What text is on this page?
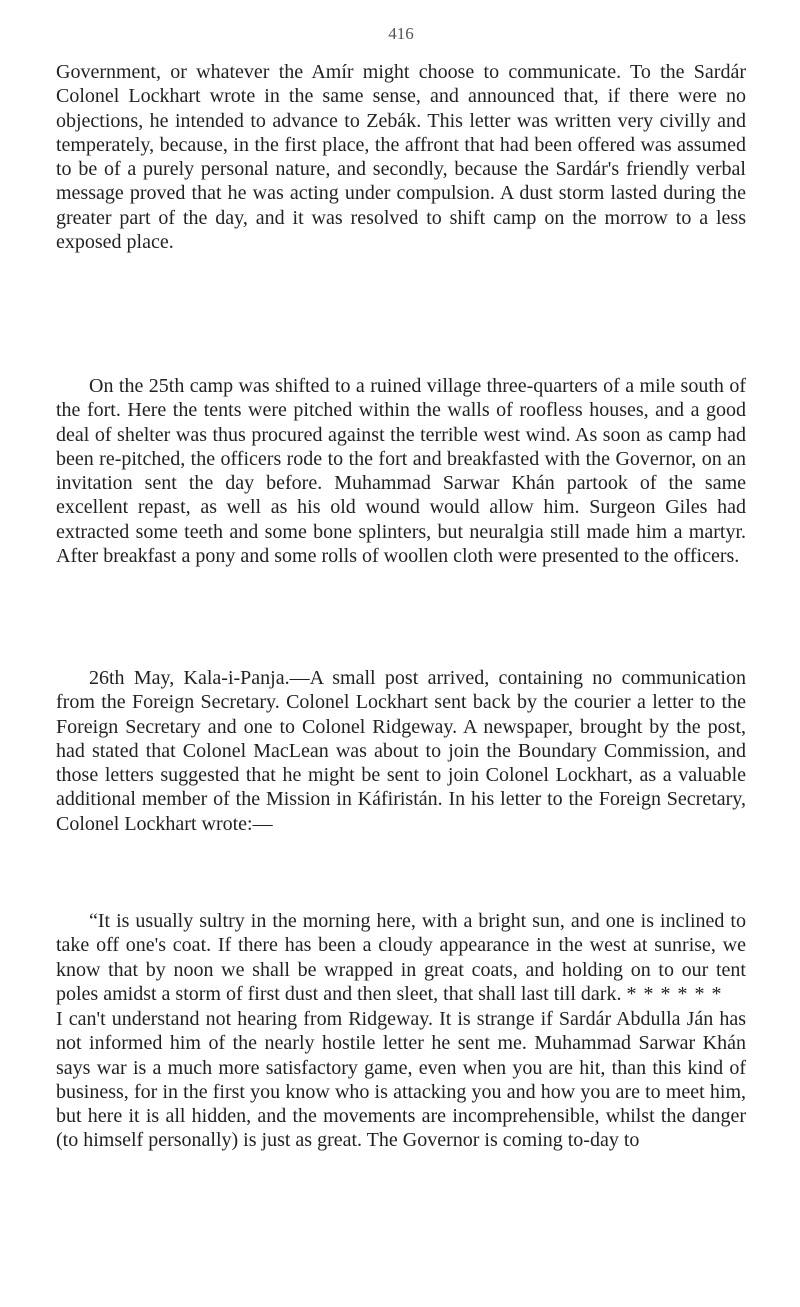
416

Government, or whatever the Amír might choose to communicate. To the Sardár Colonel Lockhart wrote in the same sense, and announced that, if there were no objections, he intended to advance to Zebák. This letter was written very civilly and temperately, because, in the first place, the affront that had been offered was assumed to be of a purely personal nature, and secondly, because the Sardár's friendly verbal message proved that he was acting under compulsion. A dust storm lasted during the greater part of the day, and it was resolved to shift camp on the morrow to a less exposed place.

On the 25th camp was shifted to a ruined village three-quarters of a mile south of the fort. Here the tents were pitched within the walls of roofless houses, and a good deal of shelter was thus procured against the terrible west wind. As soon as camp had been re-pitched, the officers rode to the fort and breakfasted with the Governor, on an invitation sent the day before. Muhammad Sarwar Khán partook of the same excellent repast, as well as his old wound would allow him. Surgeon Giles had extracted some teeth and some bone splinters, but neuralgia still made him a martyr. After breakfast a pony and some rolls of woollen cloth were presented to the officers.

26th May, Kala-i-Panja.—A small post arrived, containing no communication from the Foreign Secretary. Colonel Lockhart sent back by the courier a letter to the Foreign Secretary and one to Colonel Ridgeway. A newspaper, brought by the post, had stated that Colonel MacLean was about to join the Boundary Commission, and those letters suggested that he might be sent to join Colonel Lockhart, as a valuable additional member of the Mission in Káfiristán. In his letter to the Foreign Secretary, Colonel Lockhart wrote:—

“It is usually sultry in the morning here, with a bright sun, and one is inclined to take off one's coat. If there has been a cloudy appearance in the west at sunrise, we know that by noon we shall be wrapped in great coats, and holding on to our tent poles amidst a storm of first dust and then sleet, that shall last till dark. * * * * * *

I can't understand not hearing from Ridgeway. It is strange if Sardár Abdulla Ján has not informed him of the nearly hostile letter he sent me. Muhammad Sarwar Khán says war is a much more satisfactory game, even when you are hit, than this kind of business, for in the first you know who is attacking you and how you are to meet him, but here it is all hidden, and the movements are incomprehensible, whilst the danger (to himself personally) is just as great. The Governor is coming to-day to
